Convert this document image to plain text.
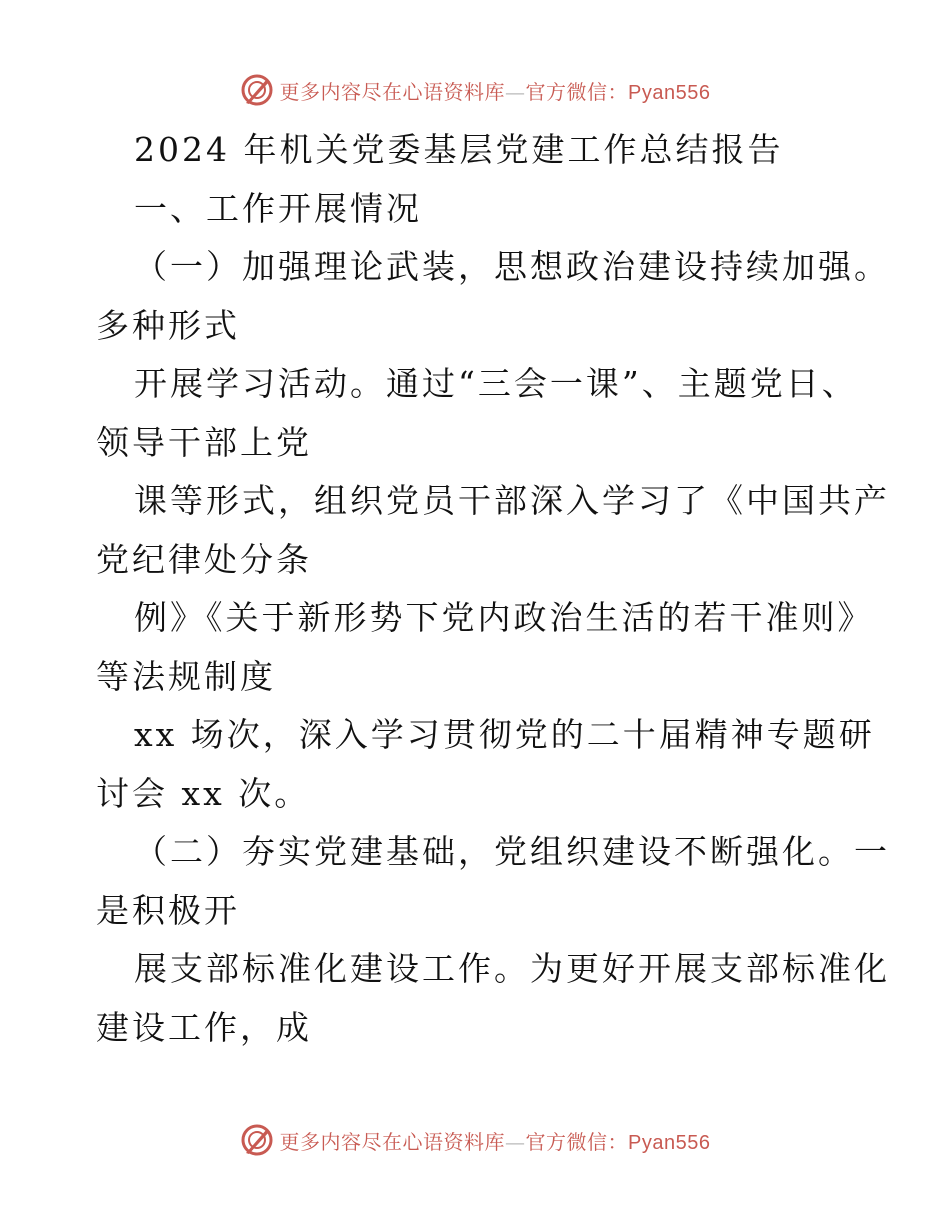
更多内容尽在心语资料库—官方微信：Pyan556
2024 年机关党委基层党建工作总结报告
一、工作开展情况
（一）加强理论武装，思想政治建设持续加强。
多种形式
开展学习活动。通过“三会一课”、主题党日、
领导干部上党
课等形式，组织党员干部深入学习了《中国共产
党纪律处分条
例》《关于新形势下党内政治生活的若干准则》
等法规制度
xx 场次，深入学习贯彻党的二十届精神专题研
讨会 xx 次。
（二）夯实党建基础，党组织建设不断强化。一
是积极开
展支部标准化建设工作。为更好开展支部标准化
建设工作，成
更多内容尽在心语资料库—官方微信：Pyan556
